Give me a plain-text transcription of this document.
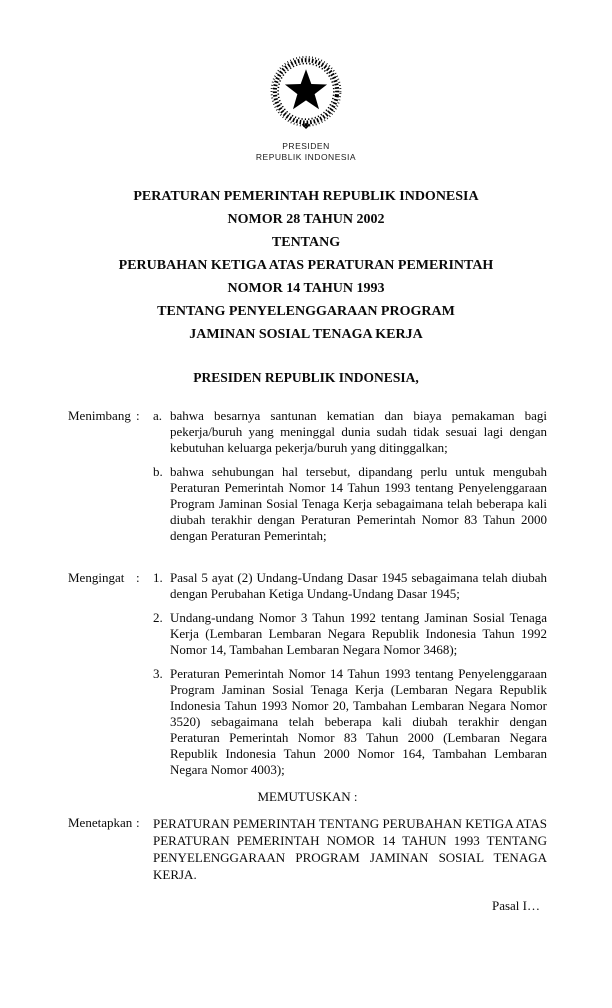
PRESIDEN
REPUBLIK INDONESIA
PERATURAN PEMERINTAH REPUBLIK INDONESIA
NOMOR 28 TAHUN 2002
TENTANG
PERUBAHAN KETIGA ATAS PERATURAN PEMERINTAH
NOMOR 14 TAHUN 1993
TENTANG PENYELENGGARAAN PROGRAM
JAMINAN SOSIAL TENAGA KERJA
PRESIDEN REPUBLIK INDONESIA,
Menimbang :	a. bahwa besarnya santunan kematian dan biaya pemakaman bagi pekerja/buruh yang meninggal dunia sudah tidak sesuai lagi dengan kebutuhan keluarga pekerja/buruh yang ditinggalkan;
b. bahwa sehubungan hal tersebut, dipandang perlu untuk mengubah Peraturan Pemerintah Nomor 14 Tahun 1993 tentang Penyelenggaraan Program Jaminan Sosial Tenaga Kerja sebagaimana telah beberapa kali diubah terakhir dengan Peraturan Pemerintah Nomor 83 Tahun 2000 dengan Peraturan Pemerintah;
Mengingat :	1. Pasal 5 ayat (2) Undang-Undang Dasar 1945 sebagaimana telah diubah dengan Perubahan Ketiga Undang-Undang Dasar 1945;
2. Undang-undang Nomor 3 Tahun 1992 tentang Jaminan Sosial Tenaga Kerja (Lembaran Lembaran Negara Republik Indonesia Tahun 1992 Nomor 14, Tambahan Lembaran Negara Nomor 3468);
3. Peraturan Pemerintah Nomor 14 Tahun 1993 tentang Penyelenggaraan Program Jaminan Sosial Tenaga Kerja (Lembaran Negara Republik Indonesia Tahun 1993 Nomor 20, Tambahan Lembaran Negara Nomor 3520) sebagaimana telah beberapa kali diubah terakhir dengan Peraturan Pemerintah Nomor 83 Tahun 2000 (Lembaran Negara Republik Indonesia Tahun 2000 Nomor 164, Tambahan Lembaran Negara Nomor 4003);
MEMUTUSKAN :
Menetapkan :	PERATURAN PEMERINTAH TENTANG PERUBAHAN KETIGA ATAS PERATURAN PEMERINTAH NOMOR 14 TAHUN 1993 TENTANG PENYELENGGARAAN PROGRAM JAMINAN SOSIAL TENAGA KERJA.
Pasal I…
